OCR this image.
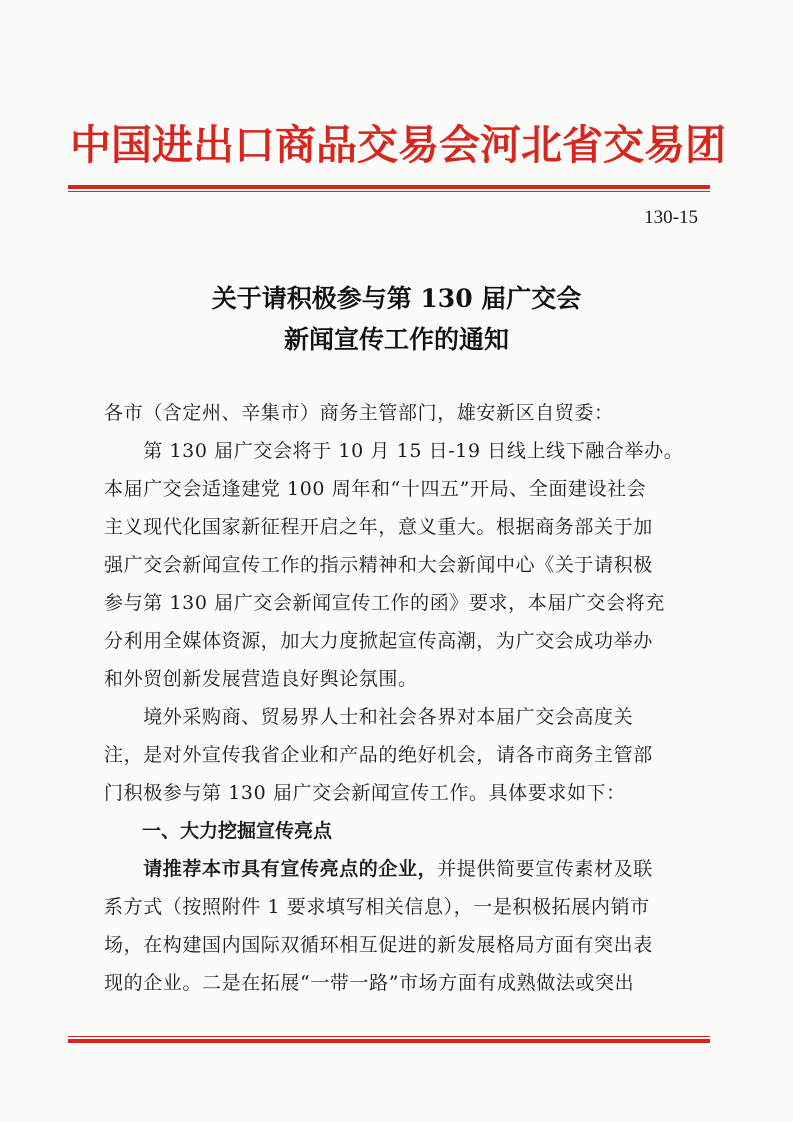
中国进出口商品交易会河北省交易团
130-15
关于请积极参与第 130 届广交会
新闻宣传工作的通知
各市（含定州、辛集市）商务主管部门，雄安新区自贸委：
　　第 130 届广交会将于 10 月 15 日-19 日线上线下融合举办。
本届广交会适逢建党 100 周年和“十四五”开局、全面建设社会
主义现代化国家新征程开启之年，意义重大。根据商务部关于加
强广交会新闻宣传工作的指示精神和大会新闻中心《关于请积极
参与第 130 届广交会新闻宣传工作的函》要求，本届广交会将充
分利用全媒体资源，加大力度掀起宣传高潮，为广交会成功举办
和外贸创新发展营造良好舆论氛围。
　　境外采购商、贸易界人士和社会各界对本届广交会高度关
注，是对外宣传我省企业和产品的绝好机会，请各市商务主管部
门积极参与第 130 届广交会新闻宣传工作。具体要求如下：
　　一、大力挖掘宣传亮点
　　请推荐本市具有宣传亮点的企业，并提供简要宣传素材及联
系方式（按照附件 1 要求填写相关信息），一是积极拓展内销市
场，在构建国内国际双循环相互促进的新发展格局方面有突出表
现的企业。二是在拓展“一带一路”市场方面有成熟做法或突出
